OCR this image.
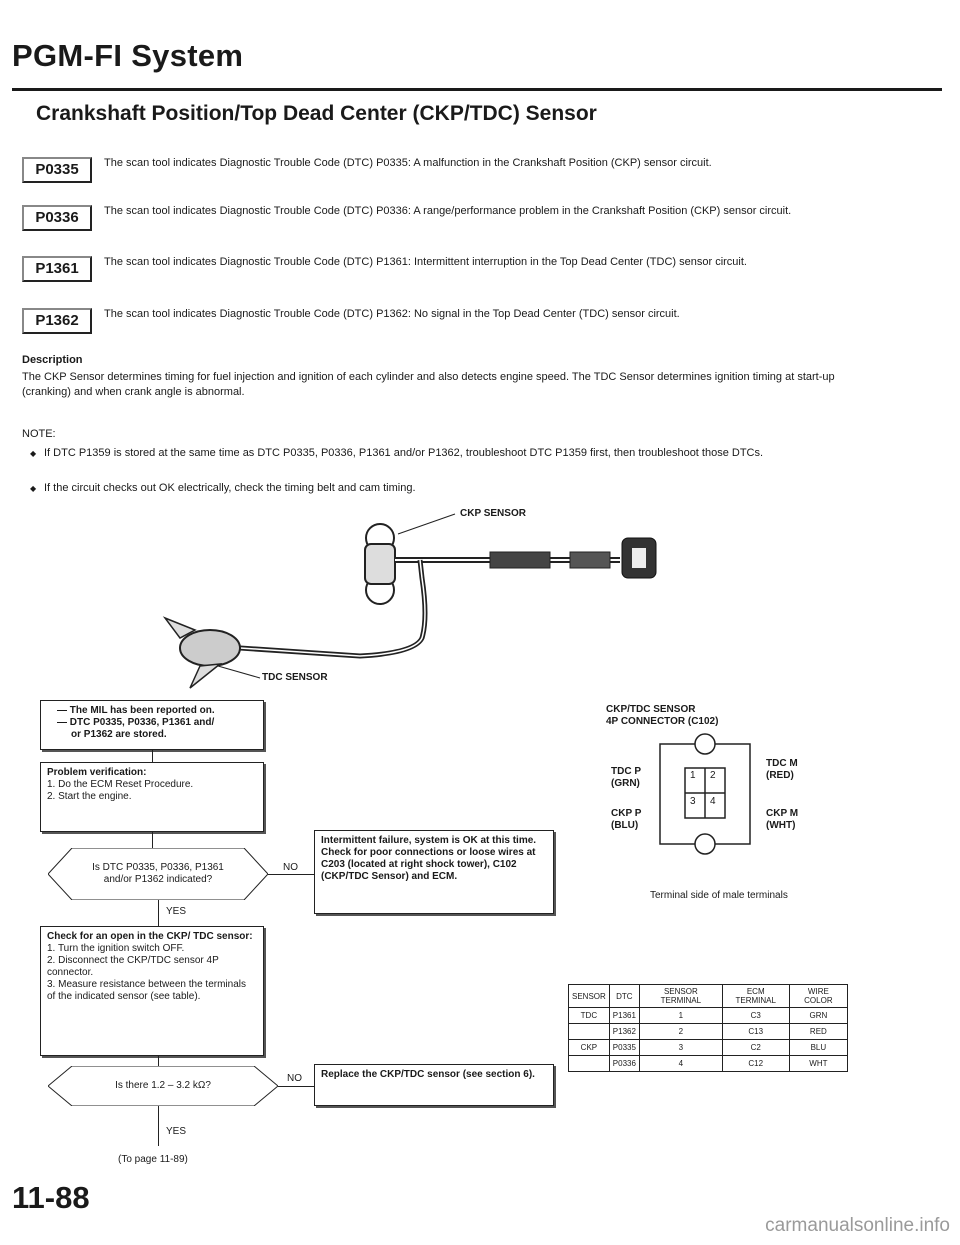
PGM-FI System
Crankshaft Position/Top Dead Center (CKP/TDC) Sensor
P0335	The scan tool indicates Diagnostic Trouble Code (DTC) P0335: A malfunction in the Crankshaft Position (CKP) sensor circuit.
P0336	The scan tool indicates Diagnostic Trouble Code (DTC) P0336: A range/performance problem in the Crankshaft Position (CKP) sensor circuit.
P1361	The scan tool indicates Diagnostic Trouble Code (DTC) P1361: Intermittent interruption in the Top Dead Center (TDC) sensor circuit.
P1362	The scan tool indicates Diagnostic Trouble Code (DTC) P1362: No signal in the Top Dead Center (TDC) sensor circuit.
Description
The CKP Sensor determines timing for fuel injection and ignition of each cylinder and also detects engine speed. The TDC Sensor determines ignition timing at start-up (cranking) and when crank angle is abnormal.
NOTE:
◆ If DTC P1359 is stored at the same time as DTC P0335, P0336, P1361 and/or P1362, troubleshoot DTC P1359 first, then troubleshoot those DTCs.
◆ If the circuit checks out OK electrically, check the timing belt and cam timing.
CKP SENSOR
TDC SENSOR
— The MIL has been reported on.
— DTC P0335, P0336, P1361 and/
or P1362 are stored.
Problem verification:
1. Do the ECM Reset Procedure.
2. Start the engine.
Is DTC P0335, P0336, P1361 and/or P1362 indicated?
NO
Intermittent failure, system is OK at this time. Check for poor connections or loose wires at C203 (located at right shock tower), C102 (CKP/TDC Sensor) and ECM.
YES
Check for an open in the CKP/ TDC sensor:
1. Turn the ignition switch OFF.
2. Disconnect the CKP/TDC sensor 4P connector.
3. Measure resistance between the terminals of the indicated sensor (see table).
Is there 1.2 – 3.2 kΩ?
NO	Replace the CKP/TDC sensor (see section 6).
YES
(To page 11-89)
CKP/TDC SENSOR
4P CONNECTOR (C102)
1 2
3 4
TDC P
(GRN)
TDC M
(RED)
CKP P
(BLU)
CKP M
(WHT)
Terminal side of male terminals
SENSOR	DTC	SENSOR TERMINAL	ECM TERMINAL	WIRE COLOR
TDC	P1361	1	C3	GRN
	P1362	2	C13	RED
CKP	P0335	3	C2	BLU
	P0336	4	C12	WHT
11-88
carmanualsonline.info
